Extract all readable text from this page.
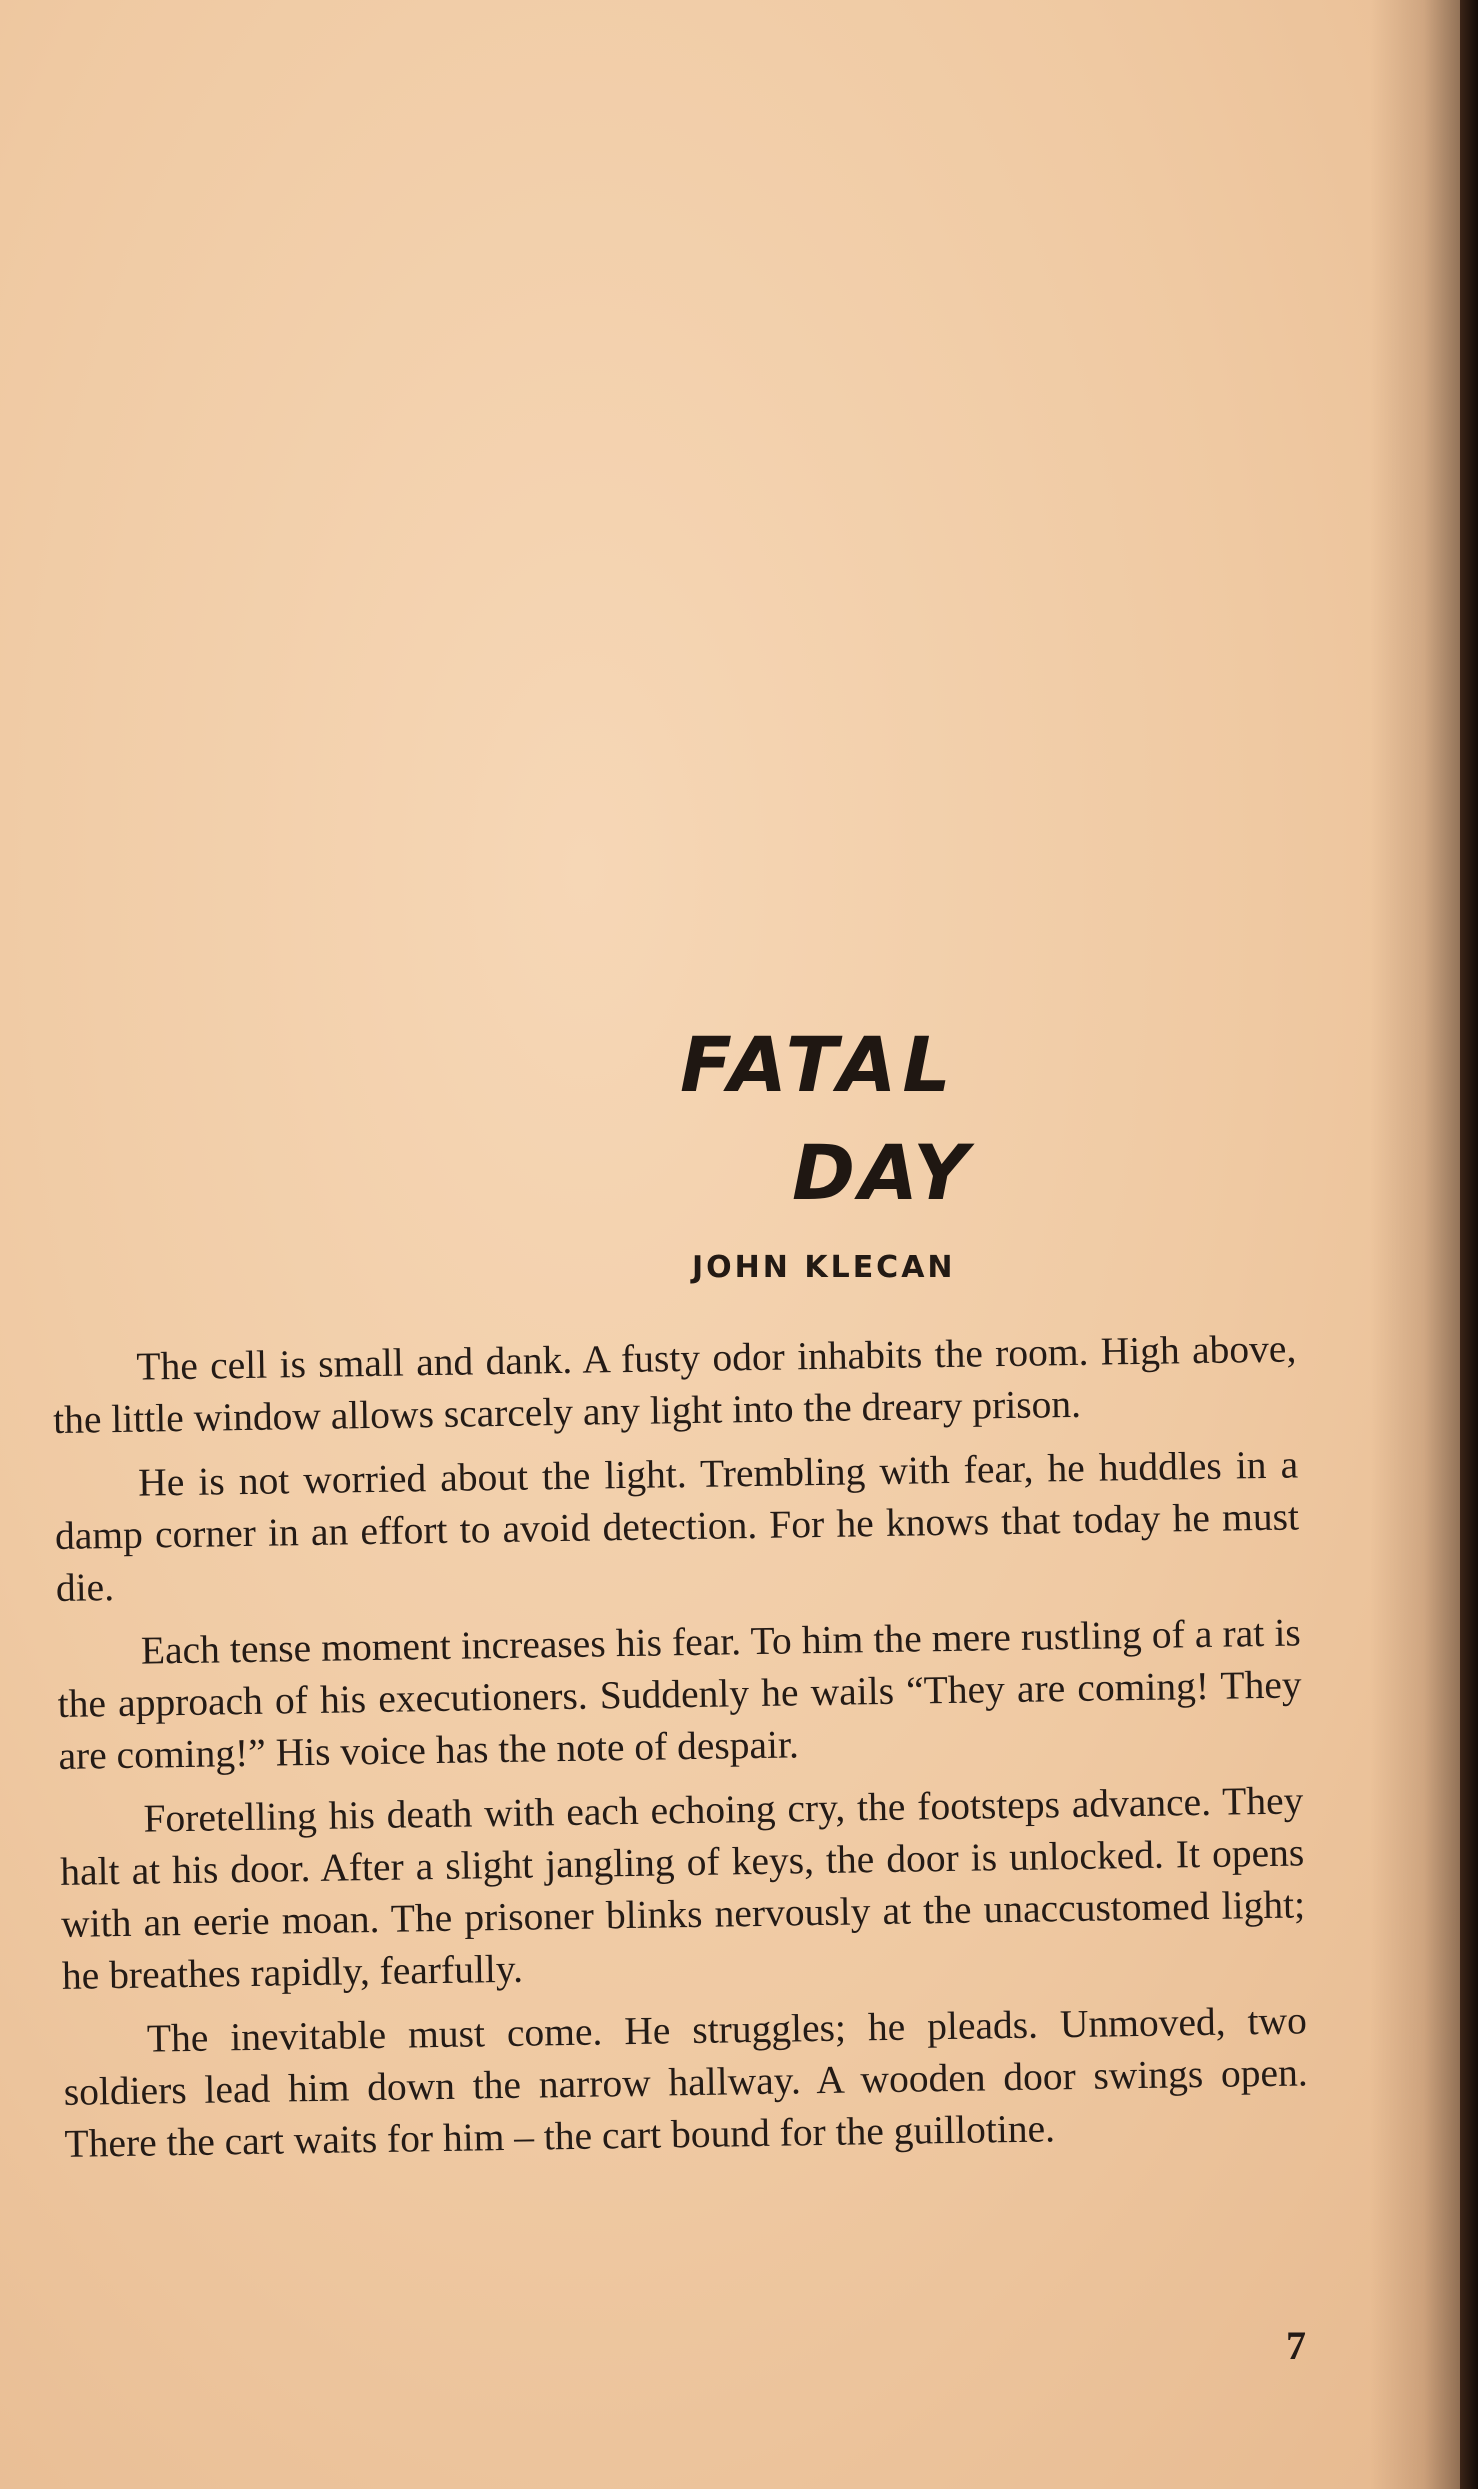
FATAL
DAY
JOHN KLECAN

The cell is small and dank. A fusty odor inhabits the room. High above, the little window allows scarcely any light into the dreary prison.

He is not worried about the light. Trembling with fear, he huddles in a damp corner in an effort to avoid detection. For he knows that today he must die.

Each tense moment increases his fear. To him the mere rustling of a rat is the approach of his executioners. Suddenly he wails “They are coming! They are coming!” His voice has the note of despair.

Foretelling his death with each echoing cry, the footsteps advance. They halt at his door. After a slight jangling of keys, the door is unlocked. It opens with an eerie moan. The prisoner blinks nervously at the unaccustomed light; he breathes rapidly, fearfully.

The inevitable must come. He struggles; he pleads. Unmoved, two soldiers lead him down the narrow hallway. A wooden door swings open. There the cart waits for him – the cart bound for the guillotine.

7
